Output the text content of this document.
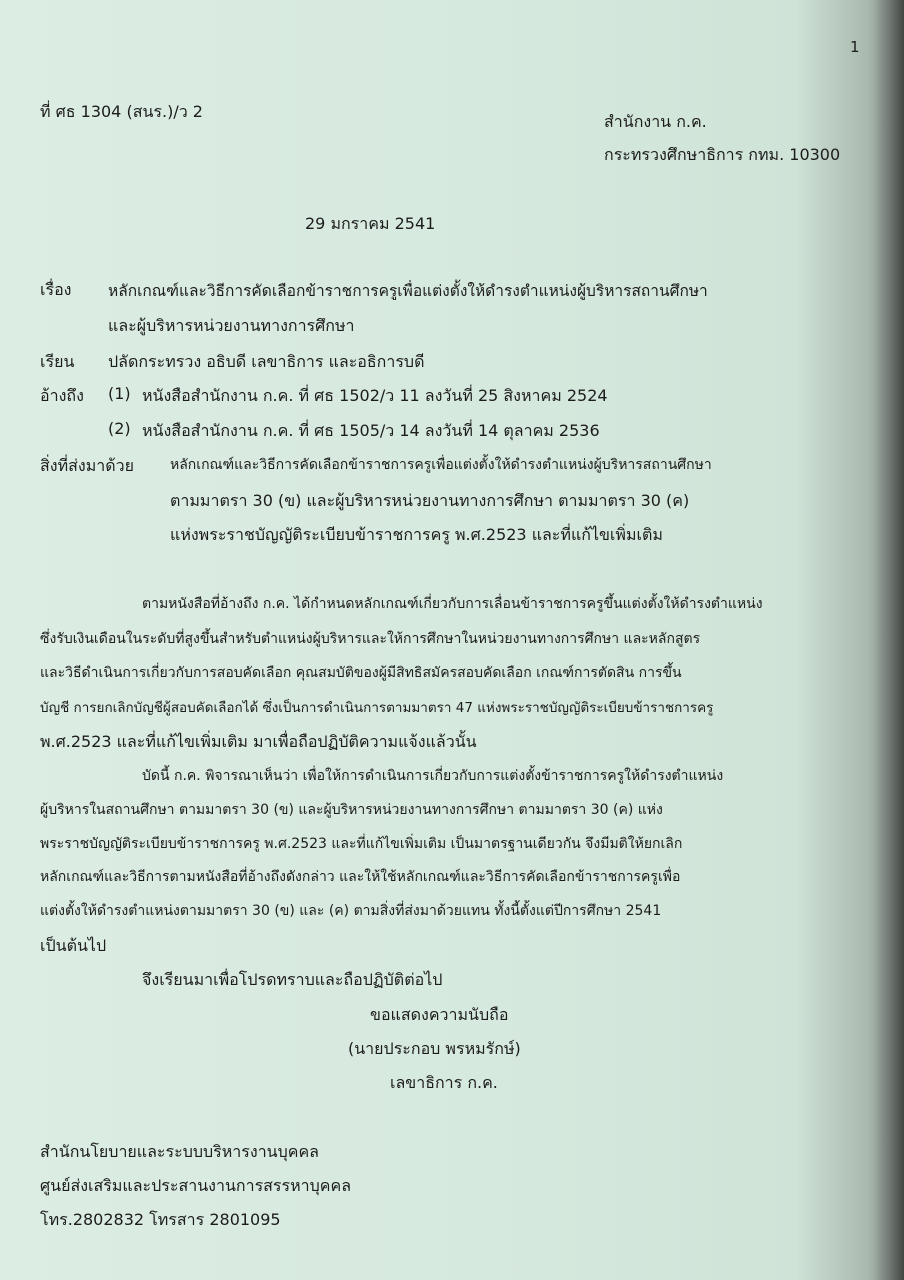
1
ที่ ศธ 1304 (สนร.)/ว 2
สำนักงาน ก.ค.
กระทรวงศึกษาธิการ กทม. 10300
29 มกราคม 2541
เรื่อง หลักเกณฑ์และวิธีการคัดเลือกข้าราชการครูเพื่อแต่งตั้งให้ดำรงตำแหน่งผู้บริหารสถานศึกษา
และผู้บริหารหน่วยงานทางการศึกษา
เรียน ปลัดกระทรวง อธิบดี เลขาธิการ และอธิการบดี
อ้างถึง (1) หนังสือสำนักงาน ก.ค. ที่ ศธ 1502/ว 11 ลงวันที่ 25 สิงหาคม 2524
(2) หนังสือสำนักงาน ก.ค. ที่ ศธ 1505/ว 14 ลงวันที่ 14 ตุลาคม 2536
สิ่งที่ส่งมาด้วย	หลักเกณฑ์และวิธีการคัดเลือกข้าราชการครูเพื่อแต่งตั้งให้ดำรงตำแหน่งผู้บริหารสถานศึกษา
ตามมาตรา 30 (ข) และผู้บริหารหน่วยงานทางการศึกษา ตามมาตรา 30 (ค)
แห่งพระราชบัญญัติระเบียบข้าราชการครู พ.ศ.2523 และที่แก้ไขเพิ่มเติม
ตามหนังสือที่อ้างถึง ก.ค. ได้กำหนดหลักเกณฑ์เกี่ยวกับการเลื่อนข้าราชการครูขึ้นแต่งตั้งให้ดำรงตำแหน่ง
ซึ่งรับเงินเดือนในระดับที่สูงขึ้นสำหรับตำแหน่งผู้บริหารและให้การศึกษาในหน่วยงานทางการศึกษา และหลักสูตร
และวิธีดำเนินการเกี่ยวกับการสอบคัดเลือก คุณสมบัติของผู้มีสิทธิสมัครสอบคัดเลือก เกณฑ์การตัดสิน การขึ้น
บัญชี การยกเลิกบัญชีผู้สอบคัดเลือกได้ ซึ่งเป็นการดำเนินการตามมาตรา 47 แห่งพระราชบัญญัติระเบียบข้าราชการครู
พ.ศ.2523 และที่แก้ไขเพิ่มเติม มาเพื่อถือปฏิบัติความแจ้งแล้วนั้น
บัดนี้ ก.ค. พิจารณาเห็นว่า เพื่อให้การดำเนินการเกี่ยวกับการแต่งตั้งข้าราชการครูให้ดำรงตำแหน่ง
ผู้บริหารในสถานศึกษา ตามมาตรา 30 (ข) และผู้บริหารหน่วยงานทางการศึกษา ตามมาตรา 30 (ค) แห่ง
พระราชบัญญัติระเบียบข้าราชการครู พ.ศ.2523 และที่แก้ไขเพิ่มเติม เป็นมาตรฐานเดียวกัน จึงมีมติให้ยกเลิก
หลักเกณฑ์และวิธีการตามหนังสือที่อ้างถึงดังกล่าว และให้ใช้หลักเกณฑ์และวิธีการคัดเลือกข้าราชการครูเพื่อ
แต่งตั้งให้ดำรงตำแหน่งตามมาตรา 30 (ข) และ (ค) ตามสิ่งที่ส่งมาด้วยแทน ทั้งนี้ตั้งแต่ปีการศึกษา 2541
เป็นต้นไป
จึงเรียนมาเพื่อโปรดทราบและถือปฏิบัติต่อไป
ขอแสดงความนับถือ
(นายประกอบ พรหมรักษ์)
เลขาธิการ ก.ค.
สำนักนโยบายและระบบบริหารงานบุคคล
ศูนย์ส่งเสริมและประสานงานการสรรหาบุคคล
โทร.2802832 โทรสาร 2801095
